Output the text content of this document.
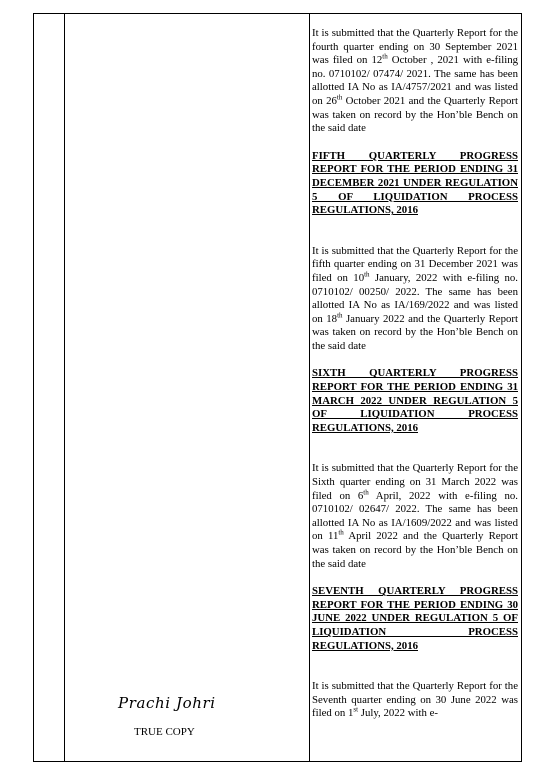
It is submitted that the Quarterly Report for the fourth quarter ending on 30 September 2021 was filed on 12th October , 2021 with e-filing no. 0710102/ 07474/ 2021. The same has been allotted IA No as IA/4757/2021 and was listed on 26th October 2021 and the Quarterly Report was taken on record by the Hon’ble Bench on the said date

FIFTH QUARTERLY PROGRESS REPORT FOR THE PERIOD ENDING 31 DECEMBER 2021 UNDER REGULATION 5 OF LIQUIDATION PROCESS REGULATIONS, 2016

It is submitted that the Quarterly Report for the fifth quarter ending on 31 December 2021 was filed on 10th January, 2022 with e-filing no. 0710102/ 00250/ 2022. The same has been allotted IA No as IA/169/2022 and was listed on 18th January 2022 and the Quarterly Report was taken on record by the Hon’ble Bench on the said date

SIXTH QUARTERLY PROGRESS REPORT FOR THE PERIOD ENDING 31 MARCH 2022 UNDER REGULATION 5 OF LIQUIDATION PROCESS REGULATIONS, 2016

It is submitted that the Quarterly Report for the Sixth quarter ending on 31 March 2022 was filed on 6th April, 2022 with e-filing no. 0710102/ 02647/ 2022. The same has been allotted IA No as IA/1609/2022 and was listed on 11th April 2022 and the Quarterly Report was taken on record by the Hon’ble Bench on the said date

SEVENTH QUARTERLY PROGRESS REPORT FOR THE PERIOD ENDING 30 JUNE 2022 UNDER REGULATION 5 OF LIQUIDATION PROCESS REGULATIONS, 2016

It is submitted that the Quarterly Report for the Seventh quarter ending on 30 June 2022 was filed on 1st July, 2022 with e-

Prachi Johri
TRUE COPY
